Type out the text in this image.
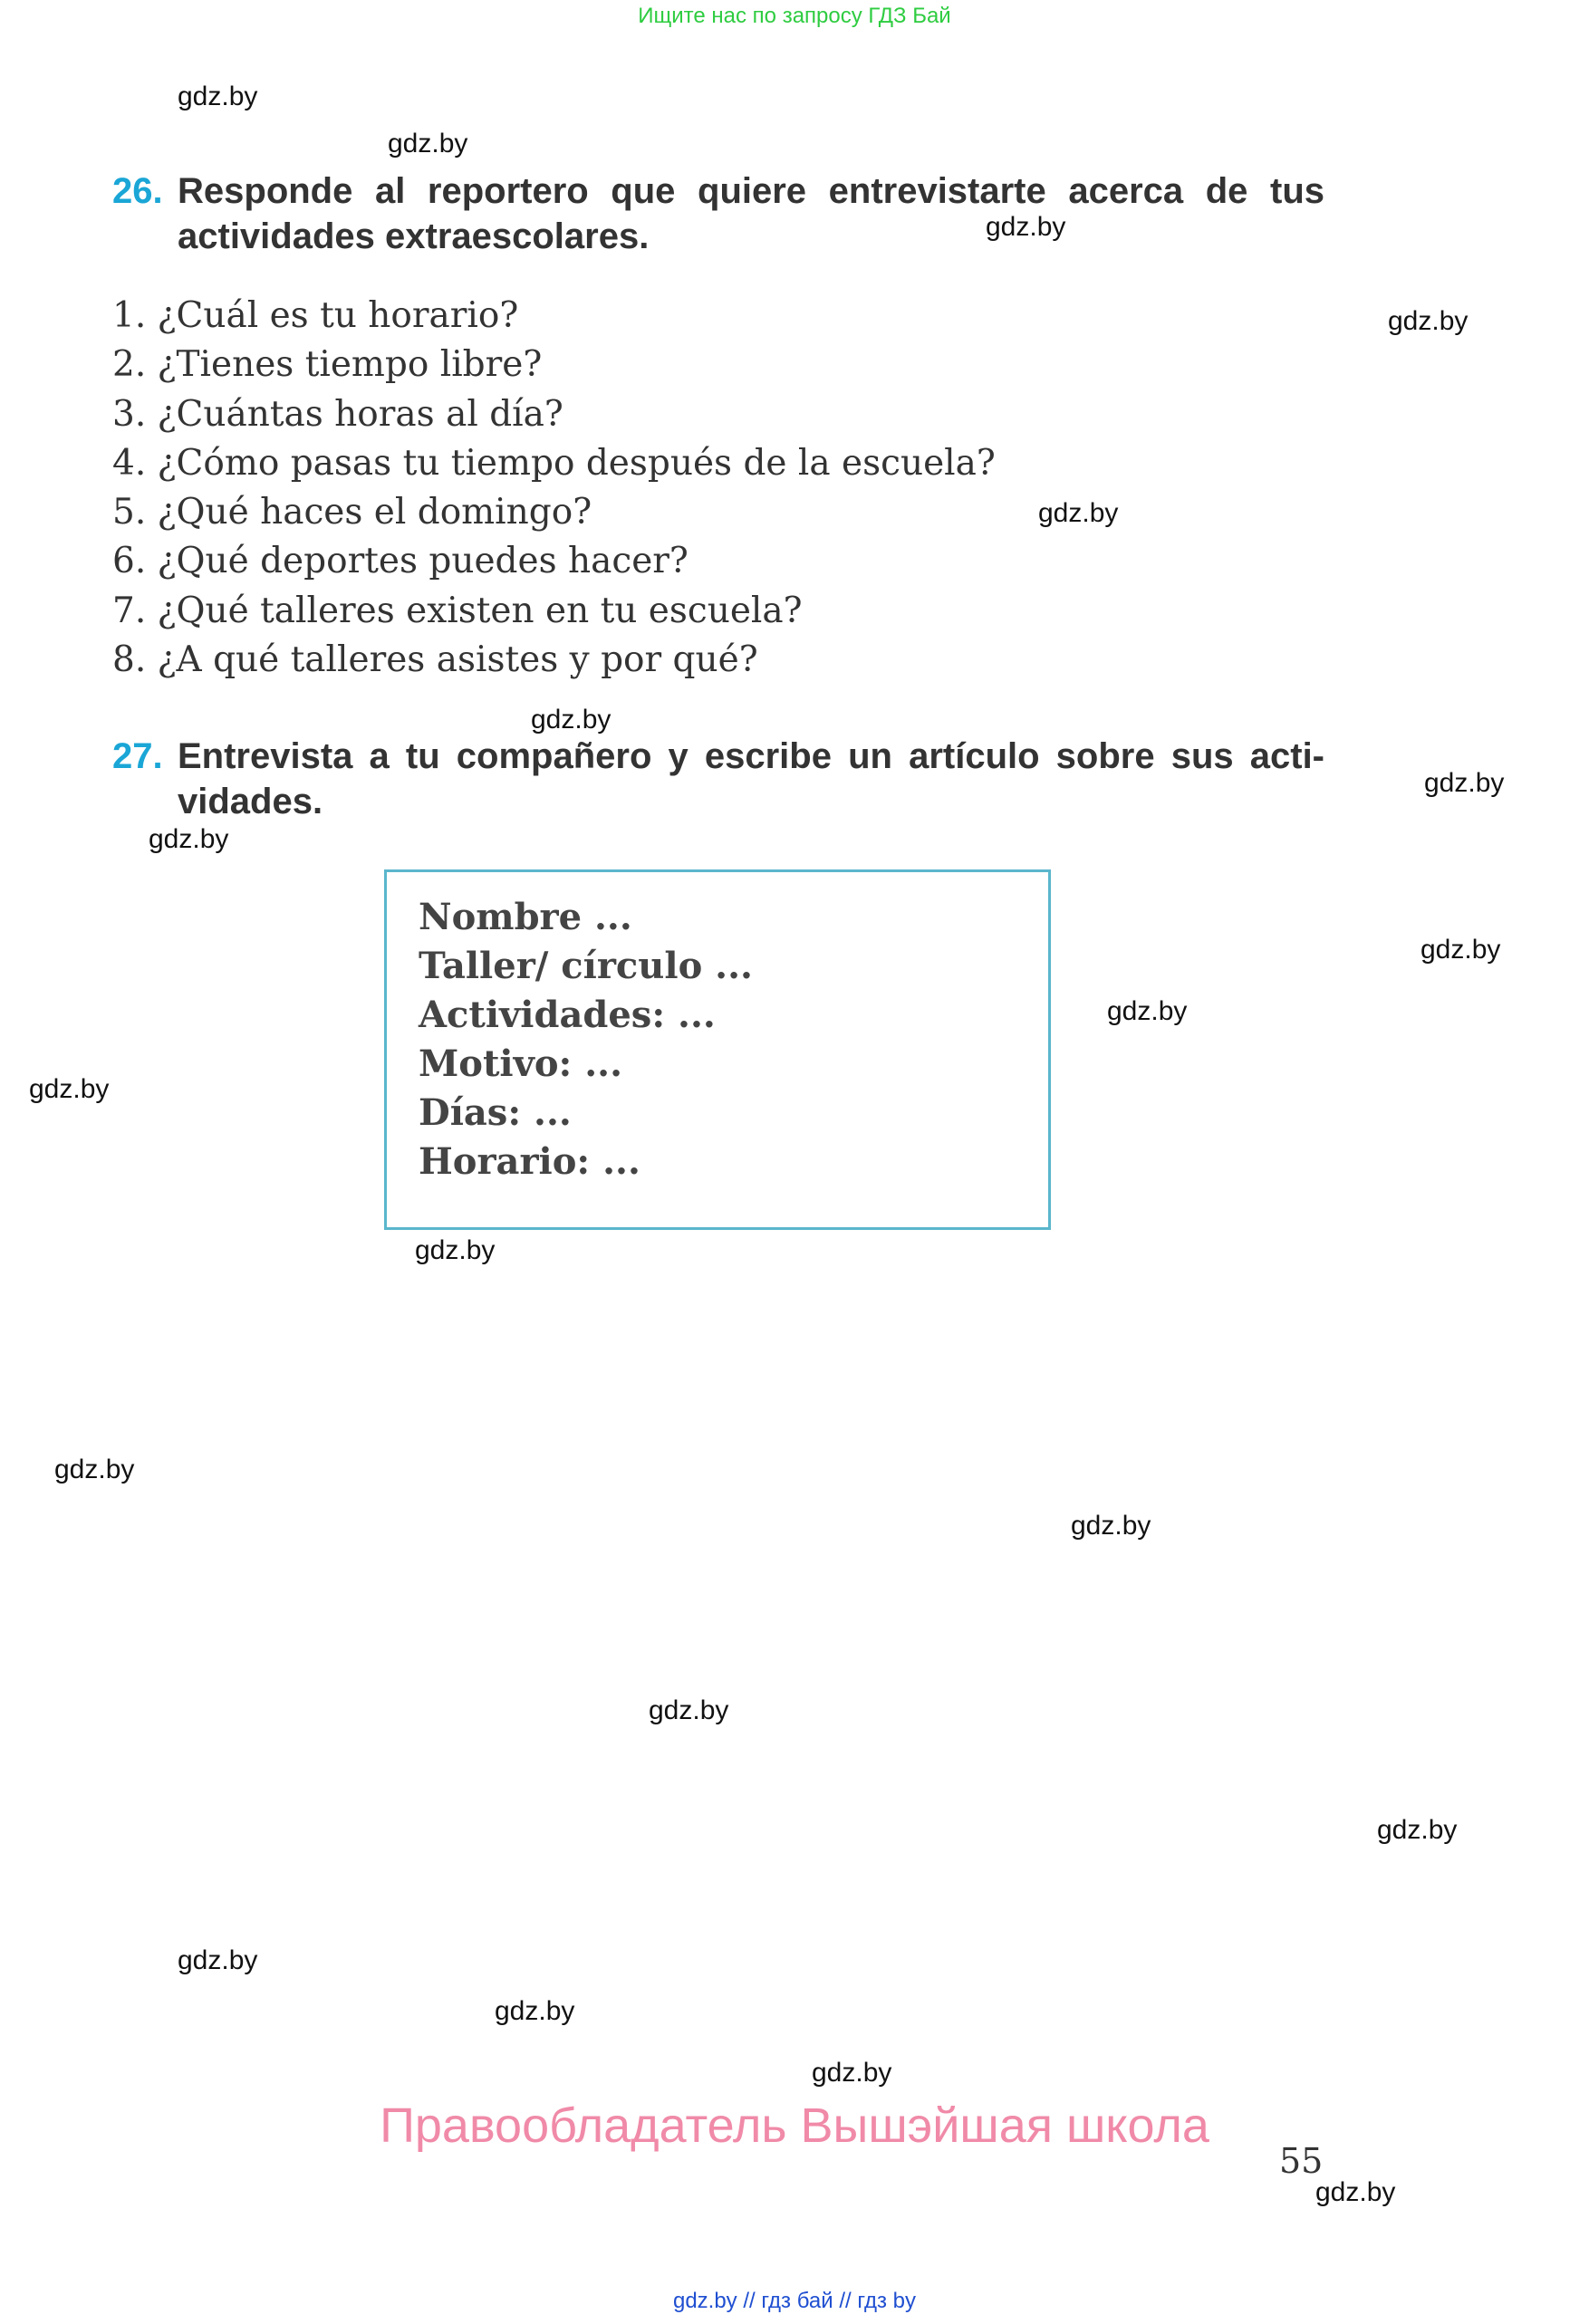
Ищите нас по запросу ГДЗ Бай
26. Responde al reportero que quiere entrevistarte acerca de tus actividades extraescolares.
1. ¿Cuál es tu horario?
2. ¿Tienes tiempo libre?
3. ¿Cuántas horas al día?
4. ¿Cómo pasas tu tiempo después de la escuela?
5. ¿Qué haces el domingo?
6. ¿Qué deportes puedes hacer?
7. ¿Qué talleres existen en tu escuela?
8. ¿A qué talleres asistes y por qué?
27. Entrevista a tu compañero y escribe un artículo sobre sus acti-vidades.
Nombre ...
Taller/ círculo ...
Actividades: ...
Motivo: ...
Días: ...
Horario: ...
gdz.by
gdz.by
gdz.by
gdz.by
gdz.by
gdz.by
gdz.by
gdz.by
gdz.by
gdz.by
gdz.by
gdz.by
gdz.by
gdz.by
gdz.by
gdz.by
gdz.by
gdz.by
gdz.by
gdz.by
Правообладатель Вышэйшая школа
55
gdz.by // гдз бай // гдз by
